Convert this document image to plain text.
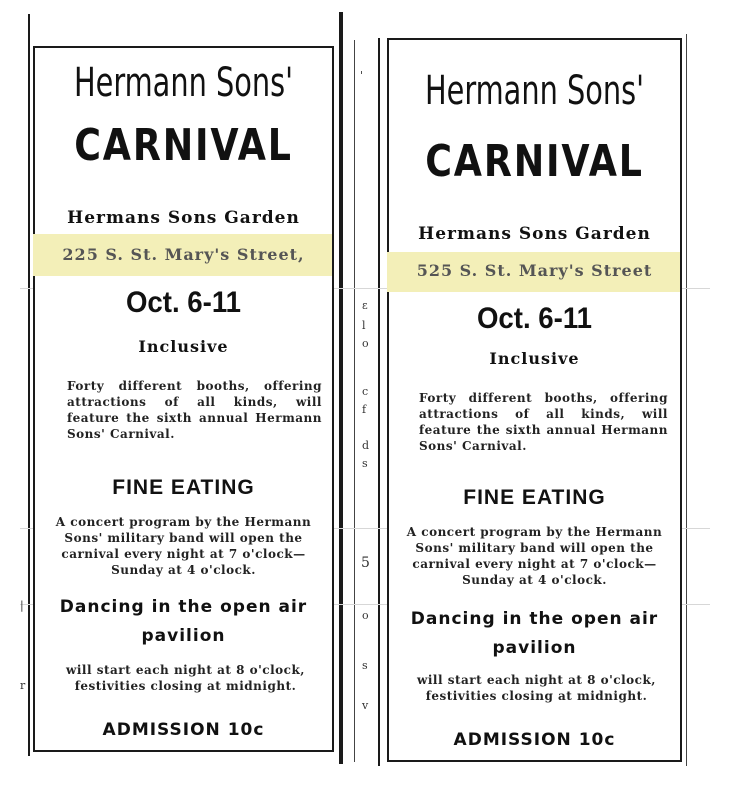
'
ε
l
o
c
f
d
s
5
o
s
v
|
r
Hermann Sons'
CARNIVAL
Hermans Sons Garden
225 S. St. Mary's Street,
Oct. 6-11
Inclusive
Forty different booths, offering attractions of all kinds, will feature the sixth annual Hermann Sons' Carnival.
FINE EATING
A concert program by the Hermann Sons' military band will open the carnival every night at 7 o'clock—Sunday at 4 o'clock.
Dancing in the open air pavilion
will start each night at 8 o'clock, festivities closing at midnight.
ADMISSION 10c
Hermann Sons'
CARNIVAL
Hermans Sons Garden
525 S. St. Mary's Street
Oct. 6-11
Inclusive
Forty different booths, offering attractions of all kinds, will feature the sixth annual Hermann Sons' Carnival.
FINE EATING
A concert program by the Hermann Sons' military band will open the carnival every night at 7 o'clock—Sunday at 4 o'clock.
Dancing in the open air pavilion
will start each night at 8 o'clock, festivities closing at midnight.
ADMISSION 10c
